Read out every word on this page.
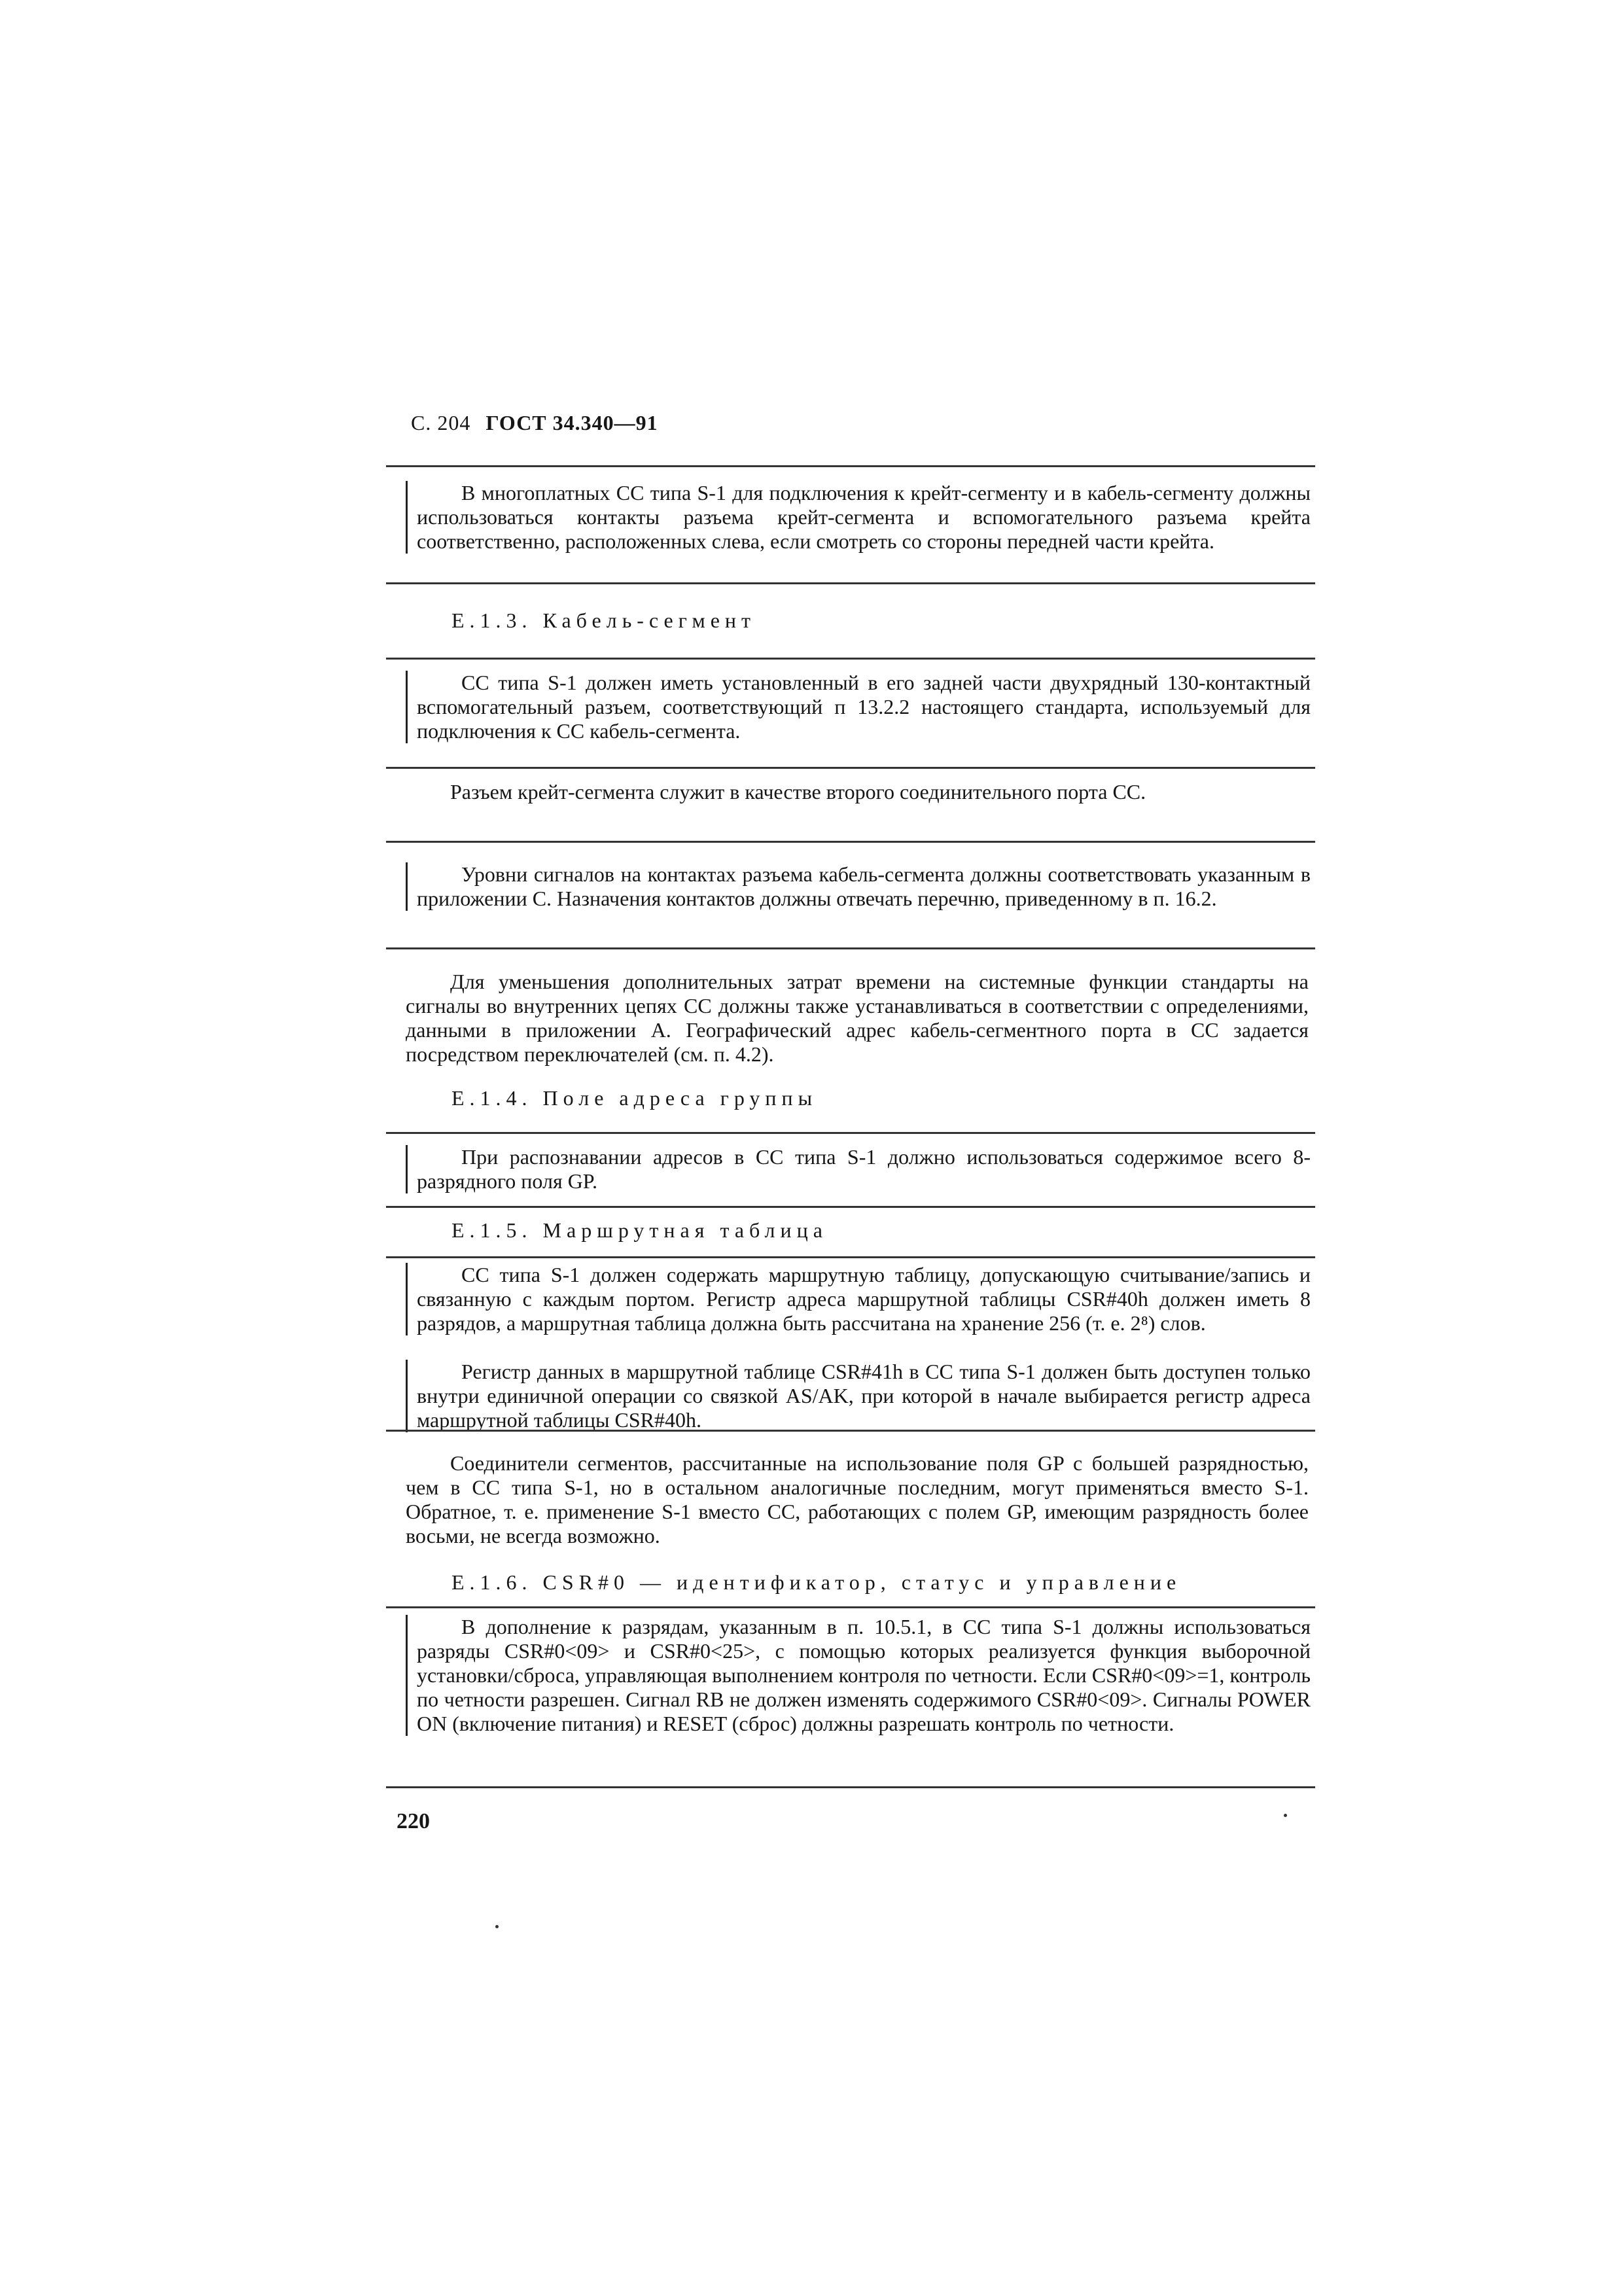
С. 204 ГОСТ 34.340—91

В многоплатных СС типа S-1 для подключения к крейт-сегменту и в кабель-сегменту должны использоваться контакты разъема крейт-сегмента и вспомогательного разъема крейта соответственно, расположенных слева, если смотреть со стороны передней части крейта.

Е.1.3. Кабель-сегмент

СС типа S-1 должен иметь установленный в его задней части двухрядный 130-контактный вспомогательный разъем, соответствующий п 13.2.2 настоящего стандарта, используемый для подключения к СС кабель-сегмента.

Разъем крейт-сегмента служит в качестве второго соединительного порта СС.

Уровни сигналов на контактах разъема кабель-сегмента должны соответствовать указанным в приложении С. Назначения контактов должны отвечать перечню, приведенному в п. 16.2.

Для уменьшения дополнительных затрат времени на системные функции стандарты на сигналы во внутренних цепях СС должны также устанавливаться в соответствии с определениями, данными в приложении А. Географический адрес кабель-сегментного порта в СС задается посредством переключателей (см. п. 4.2).

Е.1.4. Поле адреса группы

При распознавании адресов в СС типа S-1 должно использоваться содержимое всего 8-разрядного поля GP.

Е.1.5. Маршрутная таблица

СС типа S-1 должен содержать маршрутную таблицу, допускающую считывание/запись и связанную с каждым портом. Регистр адреса маршрутной таблицы CSR#40h должен иметь 8 разрядов, а маршрутная таблица должна быть рассчитана на хранение 256 (т. е. 2⁸) слов.

Регистр данных в маршрутной таблице CSR#41h в СС типа S-1 должен быть доступен только внутри единичной операции со связкой AS/AK, при которой в начале выбирается регистр адреса маршрутной таблицы CSR#40h.

Соединители сегментов, рассчитанные на использование поля GP с большей разрядностью, чем в СС типа S-1, но в остальном аналогичные последним, могут применяться вместо S-1. Обратное, т. е. применение S-1 вместо СС, работающих с полем GP, имеющим разрядность более восьми, не всегда возможно.

Е.1.6. CSR#0 — идентификатор, статус и управление

В дополнение к разрядам, указанным в п. 10.5.1, в СС типа S-1 должны использоваться разряды CSR#0<09> и CSR#0<25>, с помощью которых реализуется функция выборочной установки/сброса, управляющая выполнением контроля по четности. Если CSR#0<09>=1, контроль по четности разрешен. Сигнал RB не должен изменять содержимого CSR#0<09>. Сигналы POWER ON (включение питания) и RESET (сброс) должны разрешать контроль по четности.

220
